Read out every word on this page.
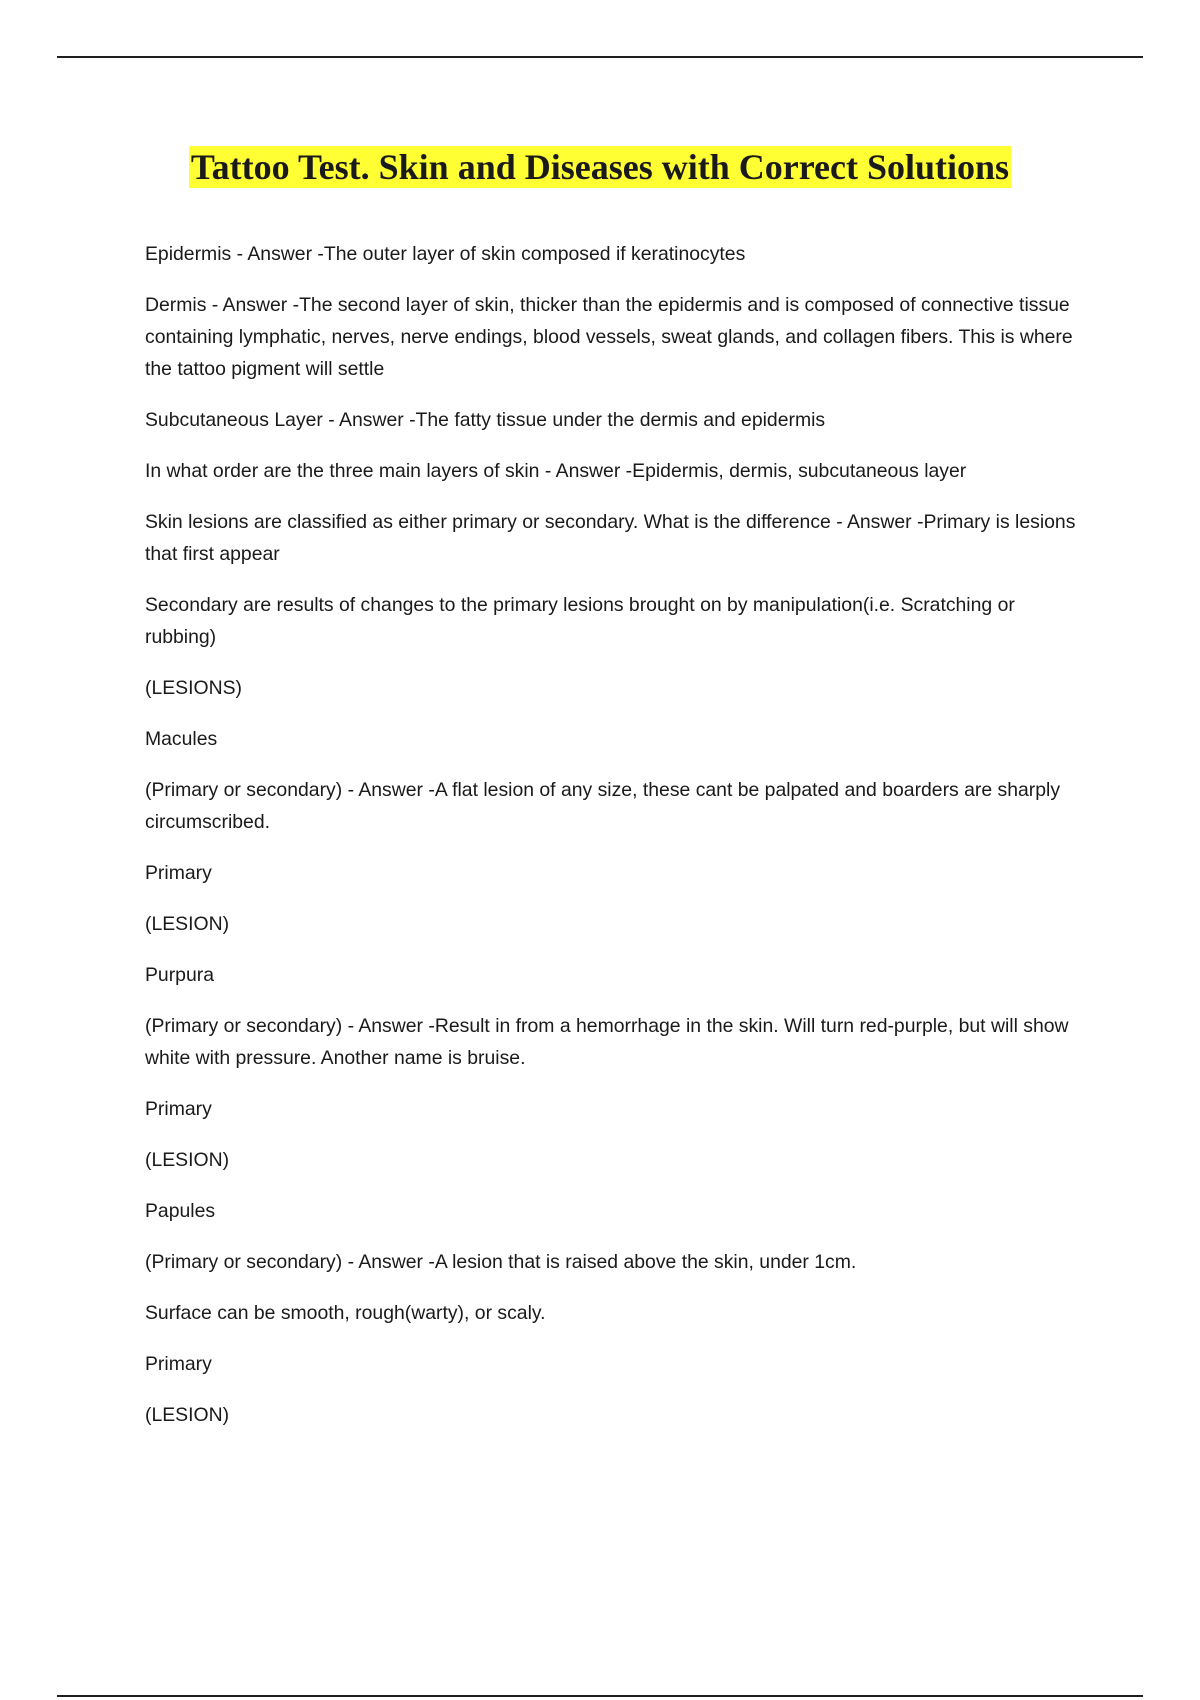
Tattoo Test. Skin and Diseases with Correct Solutions

Epidermis - Answer -The outer layer of skin composed if keratinocytes

Dermis - Answer -The second layer of skin, thicker than the epidermis and is composed of connective tissue containing lymphatic, nerves, nerve endings, blood vessels, sweat glands, and collagen fibers. This is where the tattoo pigment will settle

Subcutaneous Layer - Answer -The fatty tissue under the dermis and epidermis

In what order are the three main layers of skin - Answer -Epidermis, dermis, subcutaneous layer

Skin lesions are classified as either primary or secondary. What is the difference - Answer -Primary is lesions that first appear

Secondary are results of changes to the primary lesions brought on by manipulation(i.e. Scratching or rubbing)

(LESIONS)

Macules

(Primary or secondary) - Answer -A flat lesion of any size, these cant be palpated and boarders are sharply circumscribed.

Primary

(LESION)

Purpura

(Primary or secondary) - Answer -Result in from a hemorrhage in the skin. Will turn red-purple, but will show white with pressure. Another name is bruise.

Primary

(LESION)

Papules

(Primary or secondary) - Answer -A lesion that is raised above the skin, under 1cm.

Surface can be smooth, rough(warty), or scaly.

Primary

(LESION)
